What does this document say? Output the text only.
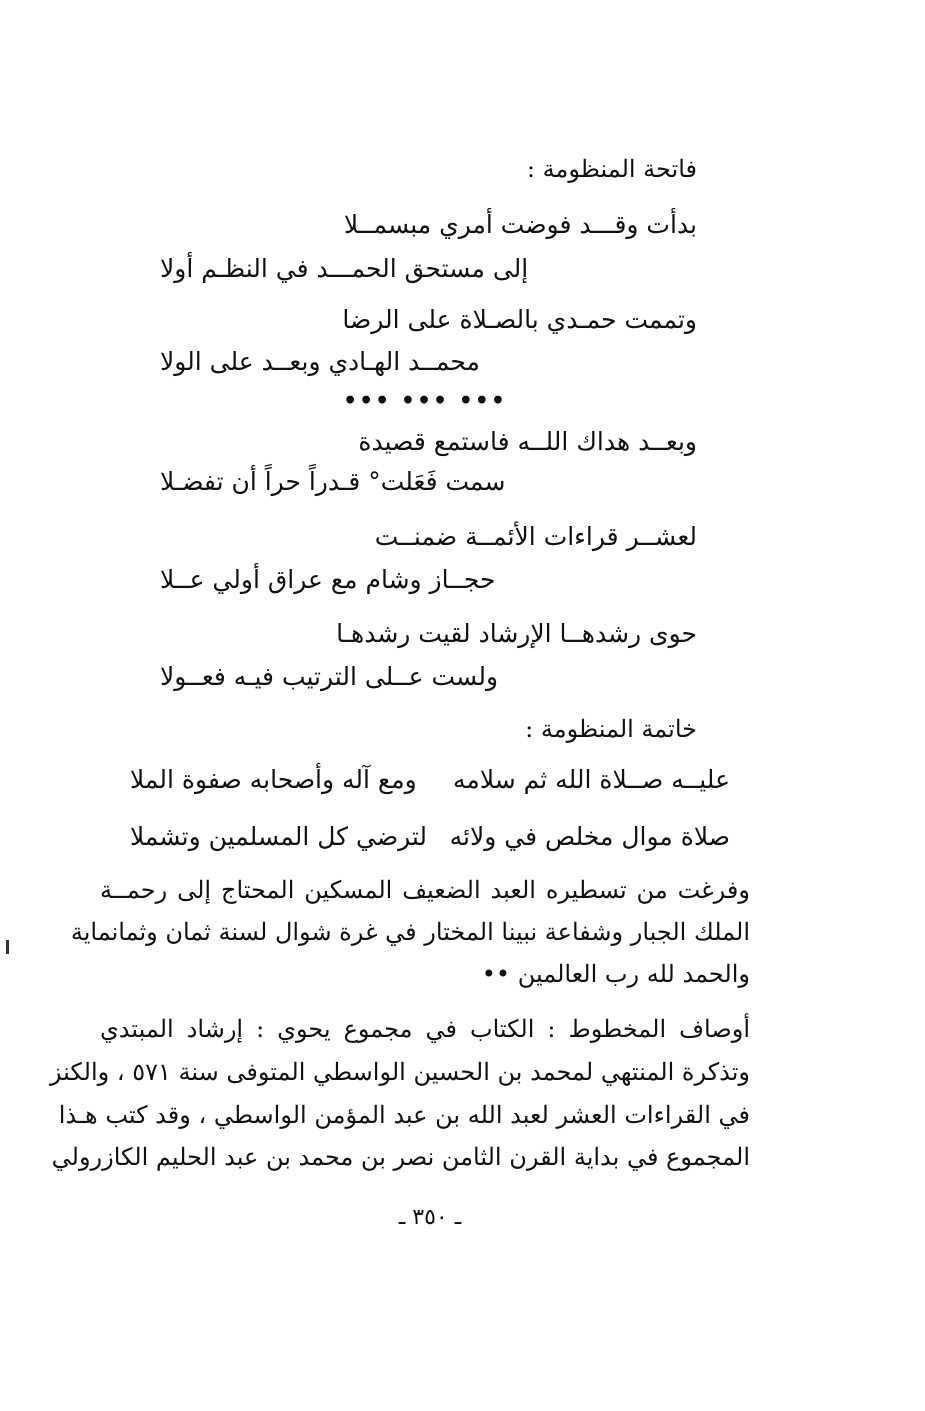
فاتحة المنظومة :
بدأت وقـــد فوضت أمري مبسمــلا
إلى مستحق الحمـــد في النظـم أولا
وتممت حمـدي بالصـلاة على الرضا
محمــد الهـادي وبعــد على الولا
••• ••• •••
وبعــد هداك اللــه فاستمع قصيدة
سمت فَعَلت° قـدراً حراً أن تفضـلا
لعشــر قراءات الأئمــة ضمنــت
حجــاز وشام مع عراق أولي عــلا
حوى رشدهــا الإرشاد لقيت رشدهـا
ولست عــلى الترتيب فيـه فعــولا
خاتمة المنظومة :
عليــه صــلاة الله ثم سلامه
ومع آله وأصحابه صفوة الملا
صلاة موال مخلص في ولائه
لترضي كل المسلمين وتشملا
وفرغت من تسطيره العبد الضعيف المسكين المحتاج إلى رحمــة
الملك الجبار وشفاعة نبينا المختار في غرة شوال لسنة ثمان وثمانماية
والحمد لله رب العالمين ••
أوصاف المخطوط : الكتاب في مجموع يحوي : إرشاد المبتدي
وتذكرة المنتهي لمحمد بن الحسين الواسطي المتوفى سنة ٥٧١ ، والكنز
في القراءات العشر لعبد الله بن عبد المؤمن الواسطي ، وقد كتب هـذا
المجموع في بداية القرن الثامن نصر بن محمد بن عبد الحليم الكازرولي
ـ ٣٥٠ ـ
